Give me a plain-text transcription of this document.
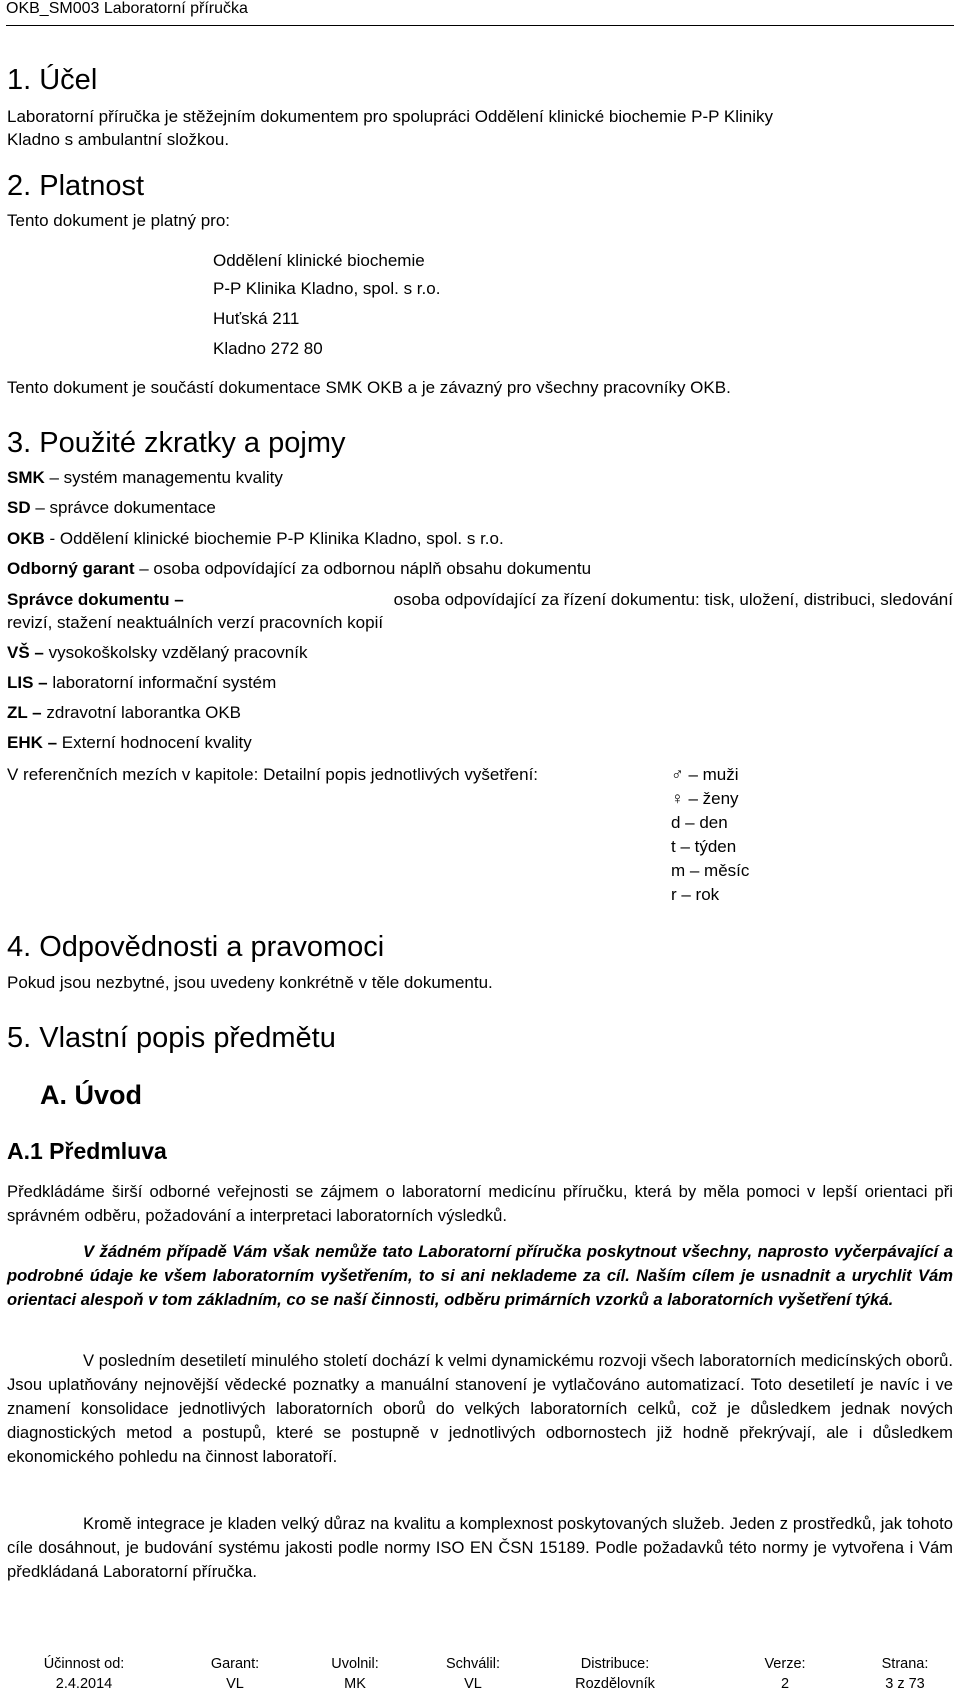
OKB_SM003 Laboratorní příručka
1. Účel
Laboratorní příručka je stěžejním dokumentem pro spolupráci Oddělení klinické biochemie P-P Kliniky
Kladno s ambulantní složkou.
2. Platnost
Tento dokument je platný pro:
Oddělení klinické biochemie
P-P Klinika Kladno, spol. s r.o.
Huťská 211
Kladno 272 80
Tento dokument je součástí dokumentace SMK OKB a je závazný pro všechny pracovníky OKB.
3. Použité zkratky a pojmy
SMK – systém managementu kvality
SD – správce dokumentace
OKB - Oddělení klinické biochemie P-P Klinika Kladno, spol. s r.o.
Odborný garant – osoba odpovídající za odbornou náplň obsahu dokumentu
Správce dokumentu –	osoba odpovídající za řízení dokumentu: tisk, uložení, distribuci, sledování
revizí, stažení neaktuálních verzí pracovních kopií
VŠ – vysokoškolsky vzdělaný pracovník
LIS – laboratorní informační systém
ZL – zdravotní laborantka OKB
EHK – Externí hodnocení kvality
V referenčních mezích v kapitole: Detailní popis jednotlivých vyšetření:	♂ – muži
♀ – ženy
d – den
t – týden
m – měsíc
r – rok
4. Odpovědnosti a pravomoci
Pokud jsou nezbytné, jsou uvedeny konkrétně v těle dokumentu.
5. Vlastní popis předmětu
A. Úvod
A.1 Předmluva
Předkládáme širší odborné veřejnosti se zájmem o laboratorní medicínu příručku, která by měla pomoci v lepší orientaci při správném odběru, požadování a interpretaci laboratorních výsledků.
V žádném případě Vám však nemůže tato Laboratorní příručka poskytnout všechny, naprosto vyčerpávající a podrobné údaje ke všem laboratorním vyšetřením, to si ani neklademe za cíl. Naším cílem je usnadnit a urychlit Vám orientaci alespoň v tom základním, co se naší činnosti, odběru primárních vzorků a laboratorních vyšetření týká.
V posledním desetiletí minulého století dochází k velmi dynamickému rozvoji všech laboratorních medicínských oborů. Jsou uplatňovány nejnovější vědecké poznatky a manuální stanovení je vytlačováno automatizací. Toto desetiletí je navíc i ve znamení konsolidace jednotlivých laboratorních oborů do velkých laboratorních celků, což je důsledkem jednak nových diagnostických metod a postupů, které se postupně v jednotlivých odbornostech již hodně překrývají, ale i důsledkem ekonomického pohledu na činnost laboratoří.
Kromě integrace je kladen velký důraz na kvalitu a komplexnost poskytovaných služeb. Jeden z prostředků, jak tohoto cíle dosáhnout, je budování systému jakosti podle normy ISO EN ČSN 15189. Podle požadavků této normy je vytvořena i Vám předkládaná Laboratorní příručka.
Účinnost od:
2.4.2014
Garant:
VL
Uvolnil:
MK
Schválil:
VL
Distribuce:
Rozdělovník
Verze:
2
Strana:
3 z 73
